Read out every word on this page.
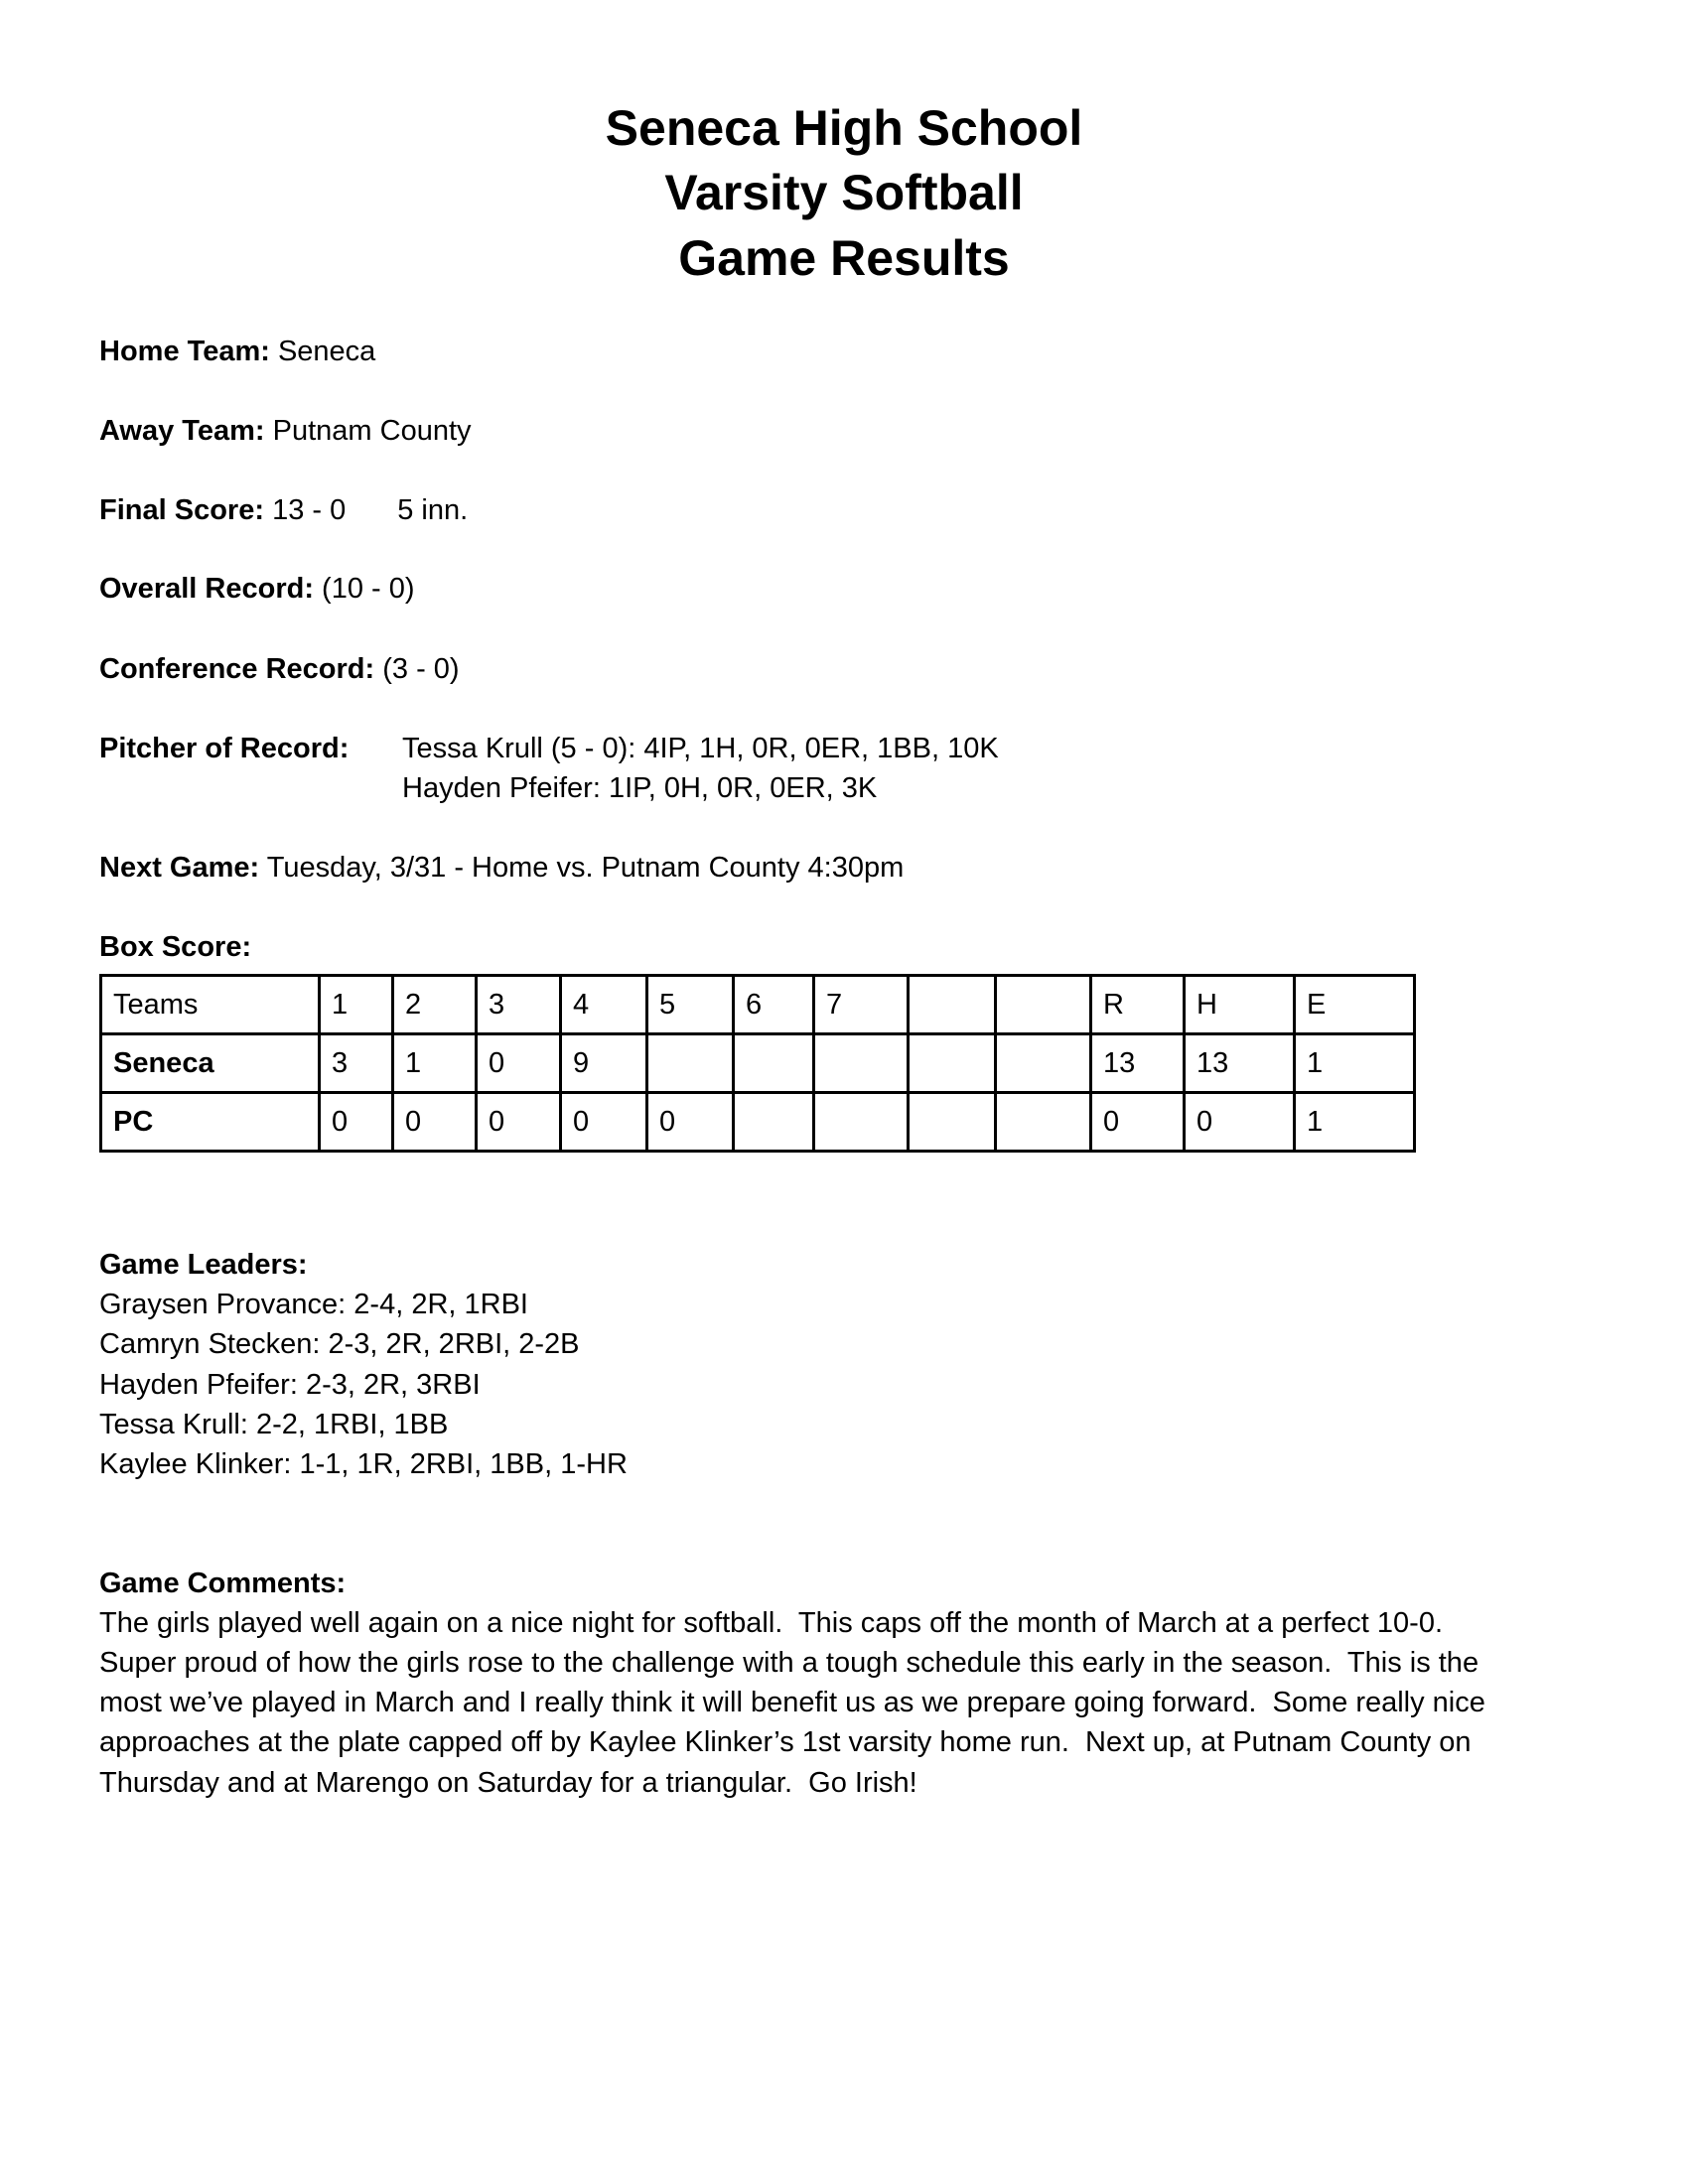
Seneca High School
Varsity Softball
Game Results
Home Team: Seneca
Away Team: Putnam County
Final Score: 13 - 0 5 inn.
Overall Record: (10 - 0)
Conference Record: (3 - 0)
Pitcher of Record: Tessa Krull (5 - 0): 4IP, 1H, 0R, 0ER, 1BB, 10K
Hayden Pfeifer: 1IP, 0H, 0R, 0ER, 3K
Next Game: Tuesday, 3/31 - Home vs. Putnam County 4:30pm
Box Score:
Teams	1	2	3	4	5	6	7			R	H	E
Seneca	3	1	0	9						13	13	1
PC	0	0	0	0	0					0	0	1
Game Leaders:
Graysen Provance: 2-4, 2R, 1RBI
Camryn Stecken: 2-3, 2R, 2RBI, 2-2B
Hayden Pfeifer: 2-3, 2R, 3RBI
Tessa Krull: 2-2, 1RBI, 1BB
Kaylee Klinker: 1-1, 1R, 2RBI, 1BB, 1-HR
Game Comments:
The girls played well again on a nice night for softball.  This caps off the month of March at a perfect 10-0.
Super proud of how the girls rose to the challenge with a tough schedule this early in the season.  This is the
most we’ve played in March and I really think it will benefit us as we prepare going forward.  Some really nice
approaches at the plate capped off by Kaylee Klinker’s 1st varsity home run.  Next up, at Putnam County on
Thursday and at Marengo on Saturday for a triangular.  Go Irish!
